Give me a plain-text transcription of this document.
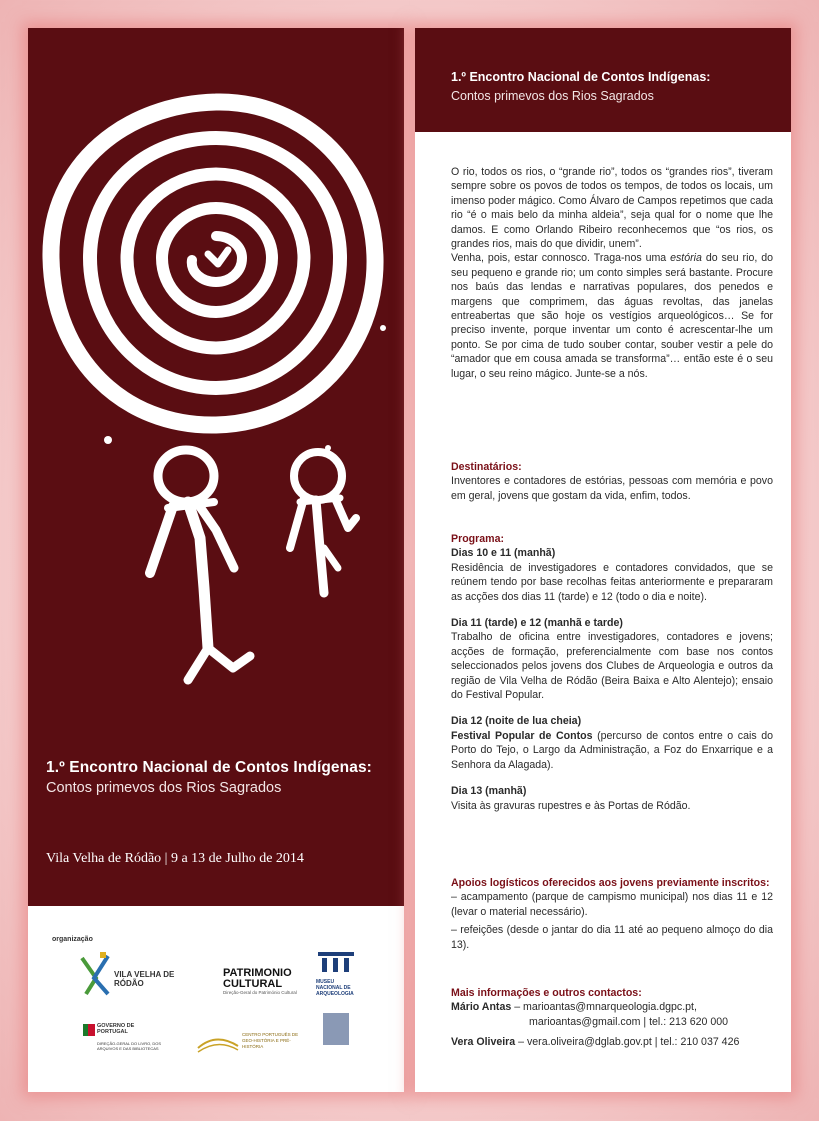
1.º Encontro Nacional de Contos Indígenas:
Contos primevos dos Rios Sagrados
Vila Velha de Ródão | 9 a 13 de Julho de 2014
organização
VILA VELHA DE RÓDÃO
PATRIMONIO
CULTURAL
Direção-Geral do Património Cultural
MUSEU NACIONAL DE ARQUEOLOGIA
GOVERNO DE PORTUGAL
DIREÇÃO-GERAL DO LIVRO, DOS ARQUIVOS E DAS BIBLIOTECAS
CENTRO PORTUGUÊS DE GEO-HISTÓRIA E PRÉ-HISTÓRIA
1.º Encontro Nacional de Contos Indígenas:
Contos primevos dos Rios Sagrados

O rio, todos os rios, o “grande rio”, todos os “grandes rios”, tiveram sempre sobre os povos de todos os tempos, de todos os locais, um imenso poder mágico. Como Álvaro de Campos repetimos que cada rio “é o mais belo da minha aldeia”, seja qual for o nome que lhe damos. E como Orlando Ribeiro reconhecemos que “os rios, os grandes rios, mais do que dividir, unem”.

Venha, pois, estar connosco. Traga-nos uma estória do seu rio, do seu pequeno e grande rio; um conto simples será bastante. Procure nos baús das lendas e narrativas populares, dos penedos e margens que comprimem, das águas revoltas, das janelas entreabertas que são hoje os vestígios arqueológicos… Se for preciso invente, porque inventar um conto é acrescentar-lhe um ponto. Se por cima de tudo souber contar, souber vestir a pele do “amador que em cousa amada se transforma”… então este é o seu lugar, o seu reino mágico. Junte-se a nós.

Destinatários:

Inventores e contadores de estórias, pessoas com memória e povo em geral, jovens que gostam da vida, enfim, todos.

Programa:

Dias 10 e 11 (manhã)

Residência de investigadores e contadores convidados, que se reúnem tendo por base recolhas feitas anteriormente e prepararam as acções dos dias 11 (tarde) e 12 (todo o dia e noite).

Dia 11 (tarde) e 12 (manhã e tarde)

Trabalho de oficina entre investigadores, contadores e jovens; acções de formação, preferencialmente com base nos contos seleccionados pelos jovens dos Clubes de Arqueologia e outros da região de Vila Velha de Ródão (Beira Baixa e Alto Alentejo); ensaio do Festival Popular.

Dia 12 (noite de lua cheia)

Festival Popular de Contos (percurso de contos entre o cais do Porto do Tejo, o Largo da Administração, a Foz do Enxarrique e a Senhora da Alagada).

Dia 13 (manhã)

Visita às gravuras rupestres e às Portas de Ródão.

Apoios logísticos oferecidos aos jovens previamente inscritos:

– acampamento (parque de campismo municipal) nos dias 11 e 12 (levar o material necessário).

– refeições (desde o jantar do dia 11 até ao pequeno almoço do dia 13).

Mais informações e outros contactos:

Mário Antas – marioantas@mnarqueologia.dgpc.pt,

marioantas@gmail.com | tel.: 213 620 000

Vera Oliveira – vera.oliveira@dglab.gov.pt | tel.: 210 037 426
